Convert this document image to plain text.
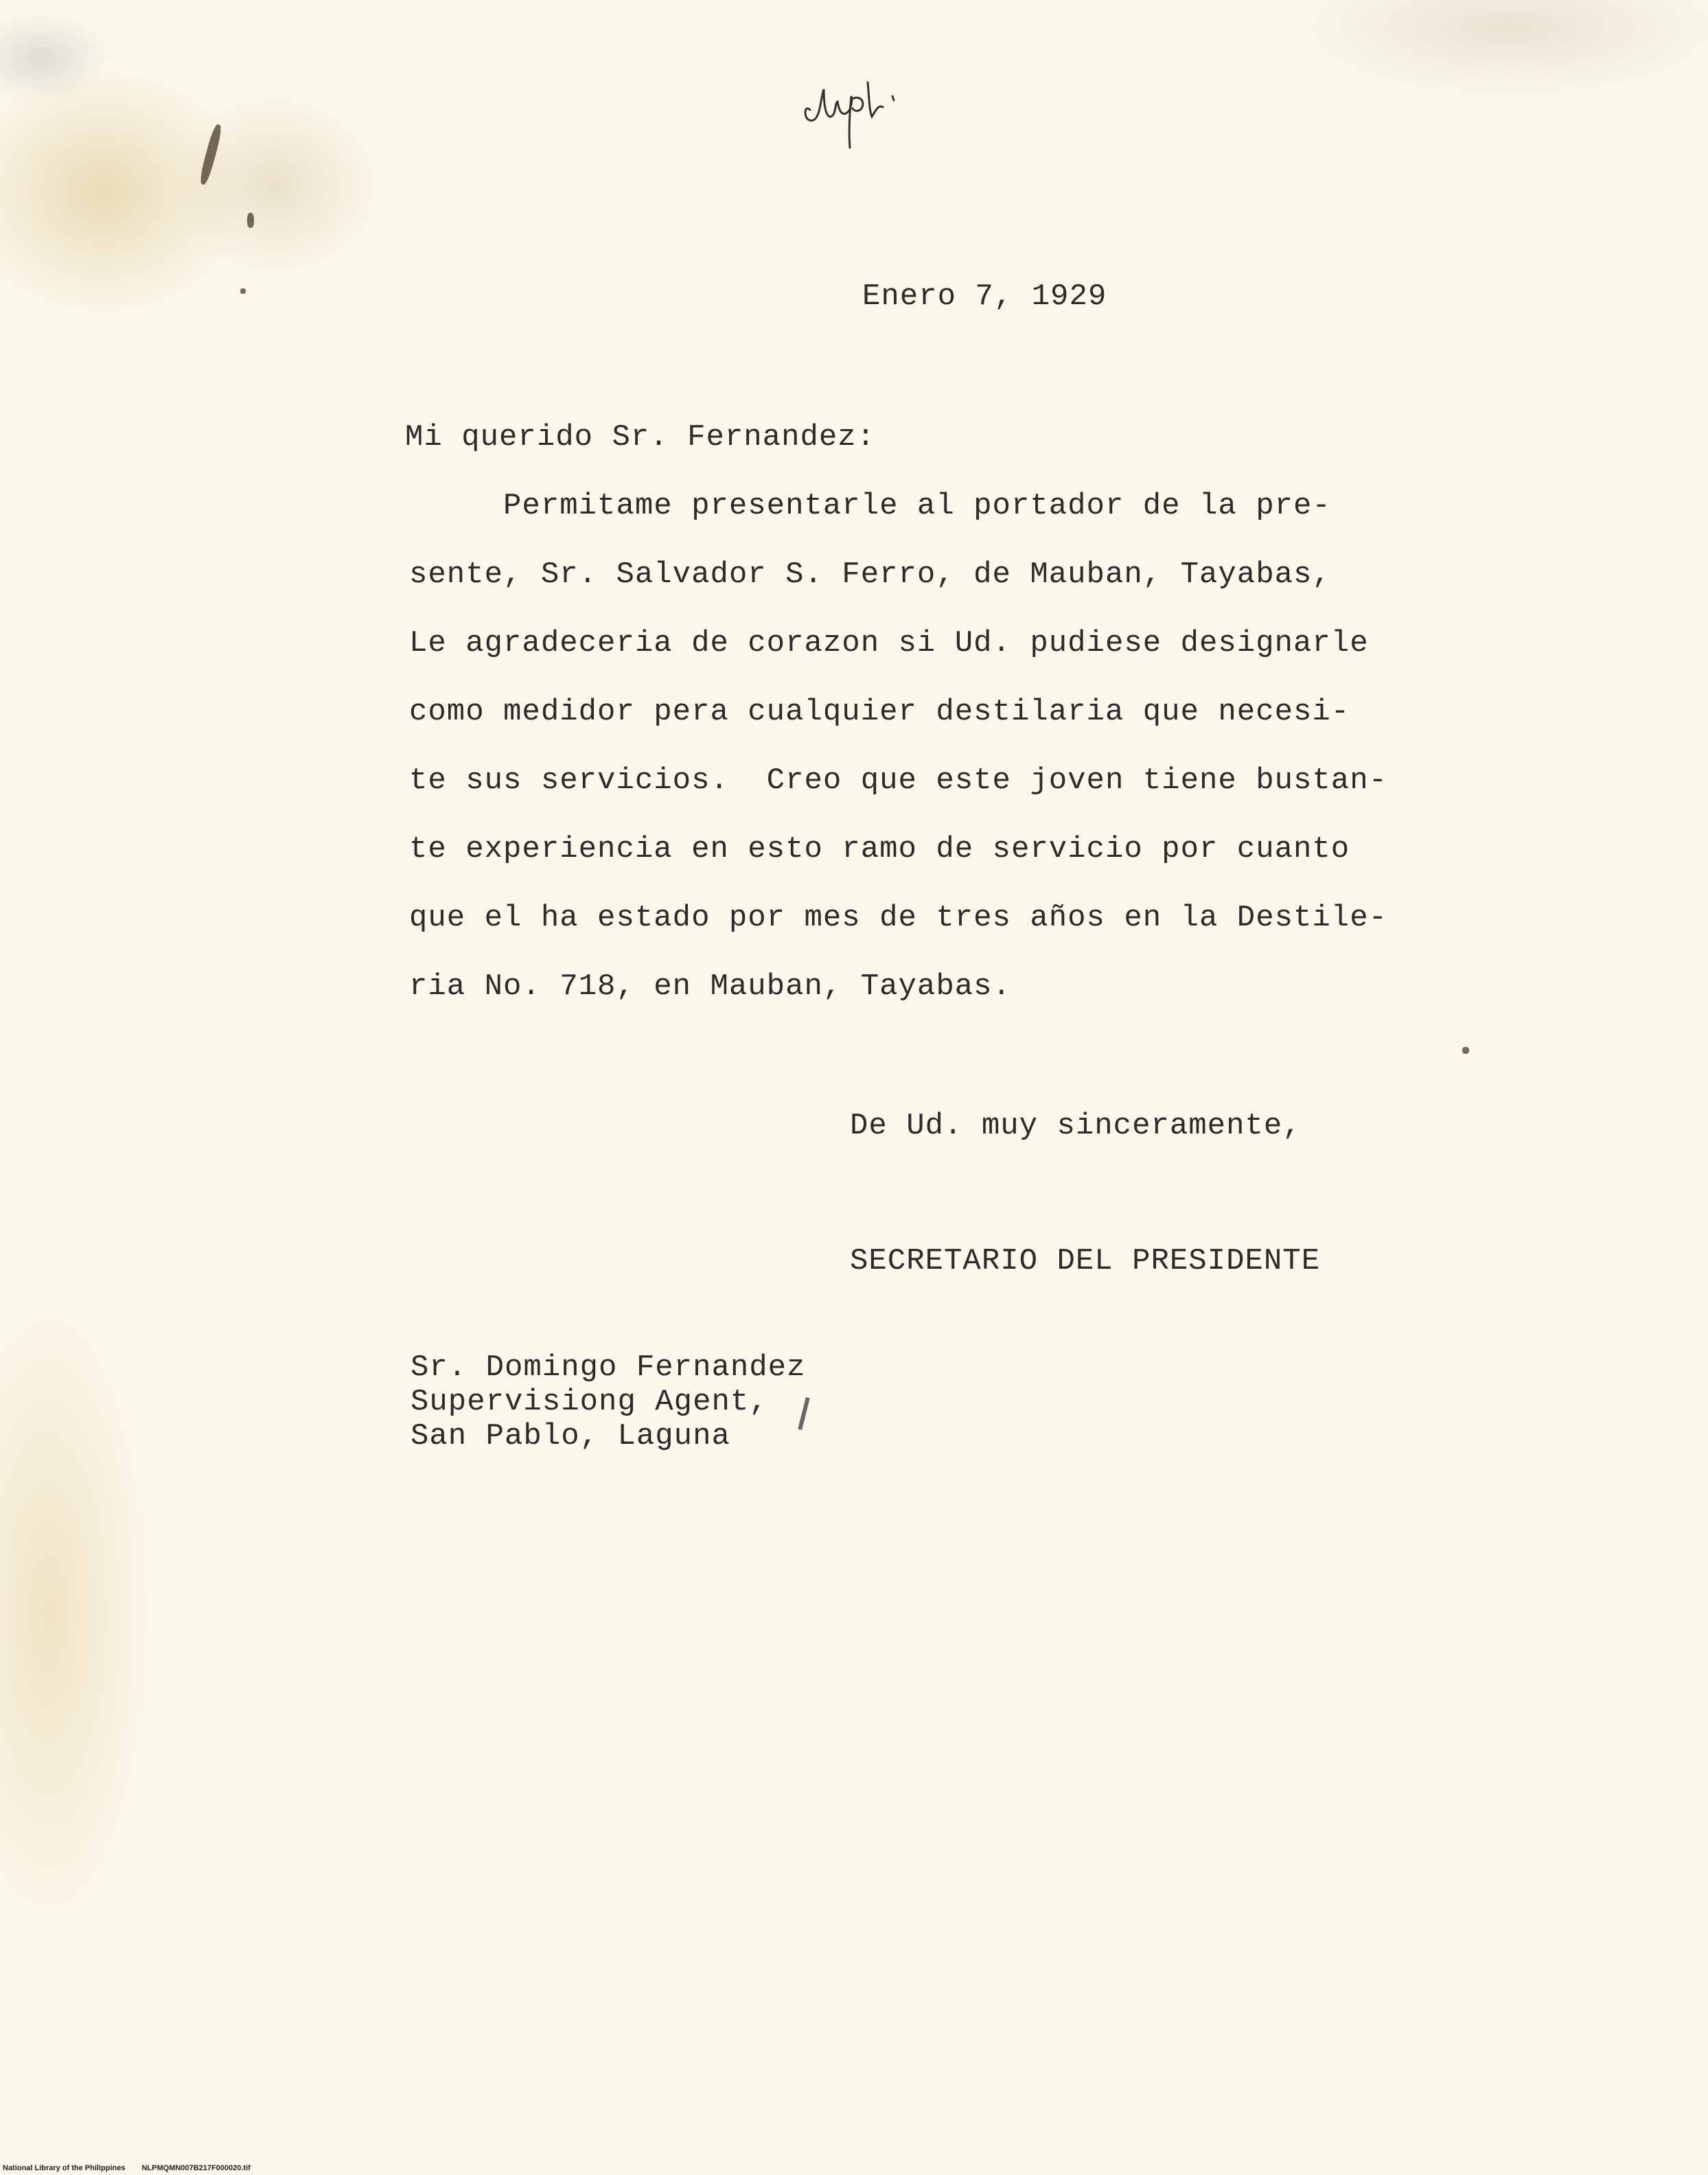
Enero 7, 1929

Mi querido Sr. Fernandez:

Permitame presentarle al portador de la pre-

sente, Sr. Salvador S. Ferro, de Mauban, Tayabas,

Le agradeceria de corazon si Ud. pudiese designarle

como medidor pera cualquier destilaria que necesi-

te sus servicios.  Creo que este joven tiene bustan-

te experiencia en esto ramo de servicio por cuanto

que el ha estado por mes de tres años en la Destile-

ria No. 718, en Mauban, Tayabas.

De Ud. muy sinceramente,

SECRETARIO DEL PRESIDENTE

Sr. Domingo Fernandez

Supervisiong Agent,

San Pablo, Laguna

National Library of the Philippines NLPMQMN007B217F000020.tif
